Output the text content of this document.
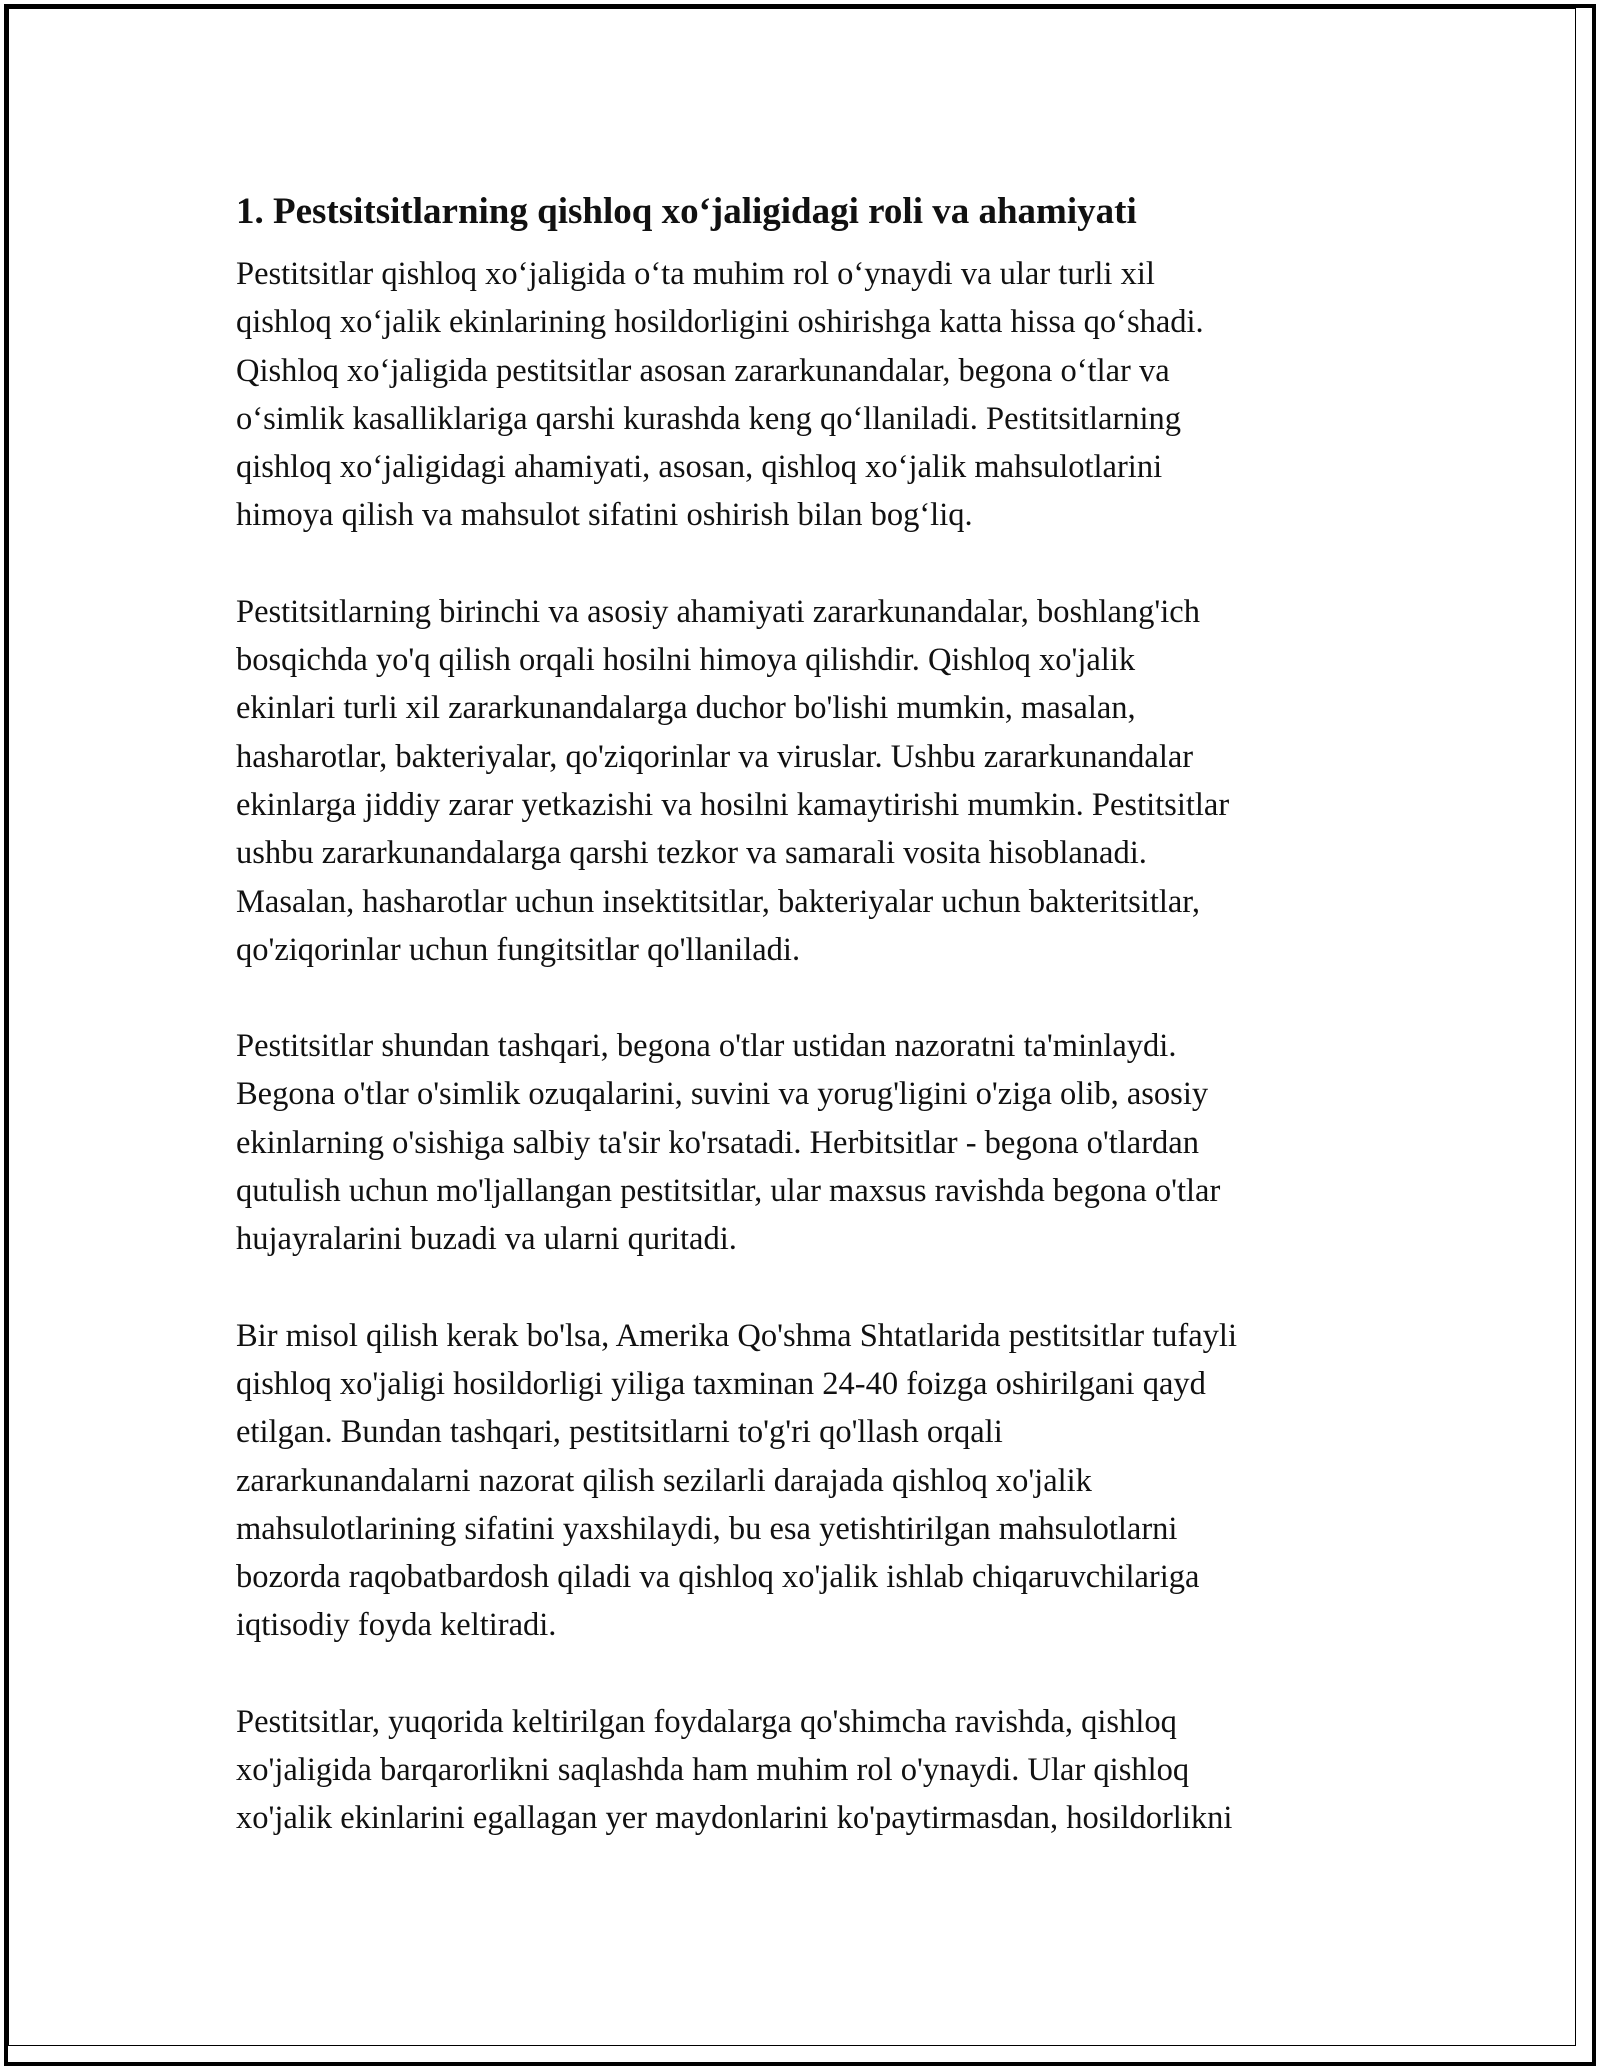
1. Pestsitsitlarning qishloq xo‘jaligidagi roli va ahamiyati
Pestitsitlar qishloq xo‘jaligida o‘ta muhim rol o‘ynaydi va ular turli xil
qishloq xo‘jalik ekinlarining hosildorligini oshirishga katta hissa qo‘shadi.
Qishloq xo‘jaligida pestitsitlar asosan zararkunandalar, begona o‘tlar va
o‘simlik kasalliklariga qarshi kurashda keng qo‘llaniladi. Pestitsitlarning
qishloq xo‘jaligidagi ahamiyati, asosan, qishloq xo‘jalik mahsulotlarini
himoya qilish va mahsulot sifatini oshirish bilan bog‘liq.
Pestitsitlarning birinchi va asosiy ahamiyati zararkunandalar, boshlang'ich
bosqichda yo'q qilish orqali hosilni himoya qilishdir. Qishloq xo'jalik
ekinlari turli xil zararkunandalarga duchor bo'lishi mumkin, masalan,
hasharotlar, bakteriyalar, qo'ziqorinlar va viruslar. Ushbu zararkunandalar
ekinlarga jiddiy zarar yetkazishi va hosilni kamaytirishi mumkin. Pestitsitlar
ushbu zararkunandalarga qarshi tezkor va samarali vosita hisoblanadi.
Masalan, hasharotlar uchun insektitsitlar, bakteriyalar uchun bakteritsitlar,
qo'ziqorinlar uchun fungitsitlar qo'llaniladi.
Pestitsitlar shundan tashqari, begona o'tlar ustidan nazoratni ta'minlaydi.
Begona o'tlar o'simlik ozuqalarini, suvini va yorug'ligini o'ziga olib, asosiy
ekinlarning o'sishiga salbiy ta'sir ko'rsatadi. Herbitsitlar - begona o'tlardan
qutulish uchun mo'ljallangan pestitsitlar, ular maxsus ravishda begona o'tlar
hujayralarini buzadi va ularni quritadi.
Bir misol qilish kerak bo'lsa, Amerika Qo'shma Shtatlarida pestitsitlar tufayli
qishloq xo'jaligi hosildorligi yiliga taxminan 24-40 foizga oshirilgani qayd
etilgan. Bundan tashqari, pestitsitlarni to'g'ri qo'llash orqali
zararkunandalarni nazorat qilish sezilarli darajada qishloq xo'jalik
mahsulotlarining sifatini yaxshilaydi, bu esa yetishtirilgan mahsulotlarni
bozorda raqobatbardosh qiladi va qishloq xo'jalik ishlab chiqaruvchilariga
iqtisodiy foyda keltiradi.
Pestitsitlar, yuqorida keltirilgan foydalarga qo'shimcha ravishda, qishloq
xo'jaligida barqarorlikni saqlashda ham muhim rol o'ynaydi. Ular qishloq
xo'jalik ekinlarini egallagan yer maydonlarini ko'paytirmasdan, hosildorlikni
